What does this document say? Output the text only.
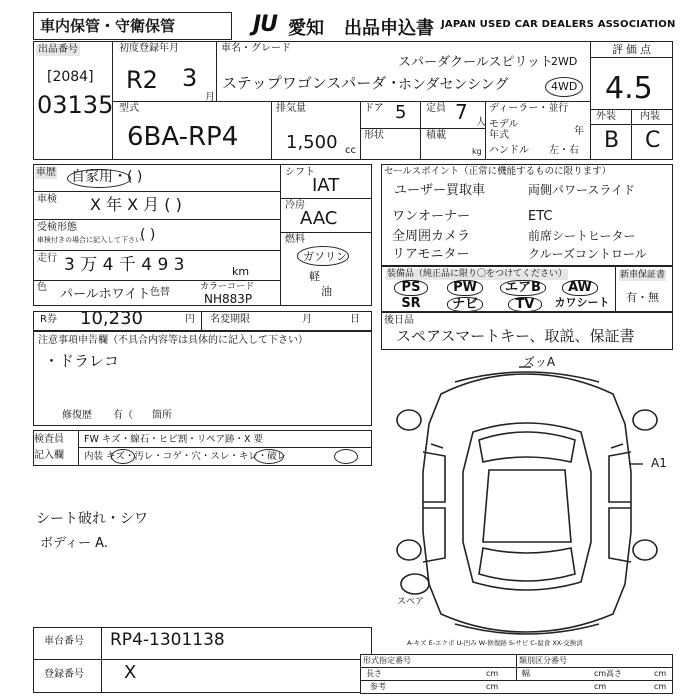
車内保管・守衛保管	JU 愛知 出品申込書 JAPAN USED CAR DEALERS ASSOCIATION
出品番号
[2084]
03135
初度登録年月
R2 3
月
車名・グレード
ステップワゴンスパーダ・
スパーダクールスピリット
ホンダセンシング
2WD
4WD
評価点
4.5
外装 内装
B C
型式
6BA-RP4
排気量
1,500 cc
ドア 5 定員 7 人
形状	積載
kg
ディーラー・並行
モデル
年式	年
ハンドル 左・右
車歴 自家用・( )
車検 X 年 X 月 ( )
受検形態
車検付きの場合に記入して下さい
( )
走行 3 万 4 千 4 9 3	km
色 パールホワイト 色替	カラーコード
NH883P
シフト
IAT
冷房
AAC
燃料
ガソリン
軽
油
セールスポイント（正常に機能するものに限ります）
ユーザー買取車	両側パワースライド
ワンオーナー	ETC
全周囲カメラ	前席シートヒーター
リアモニター	クルーズコントロール
装備品（純正品に限り〇をつけてください）
PS	PW	エアB	AW
SR	ナビ	TV	カワシート
新車保証書
有・無
R券 10,230	円 名変期限	月	日
注意事項申告欄（不具合内容等は具体的に記入して下さい）
・ドラレコ
修復歴 有（ 箇所
後日品
スペアスマートキー、取説、保証書
検査員
記入欄
FW キズ・線石・ヒビ割・リペア跡・X 要
内装 キズ・汚レ・コゲ・穴・スレ・キレ・破レ
シート破れ・シワ
ボディー A.
ズッA
A1
スペア
A-キズ E-エクボ U-凹み W-修復跡 S-サビ C-腐食 XX-交換済
車台番号 RP4-1301138
登録番号 X
形式指定番号	類別区分番号
長さ	cm	幅	cm 高さ	cm
参考	cm	cm	cm
